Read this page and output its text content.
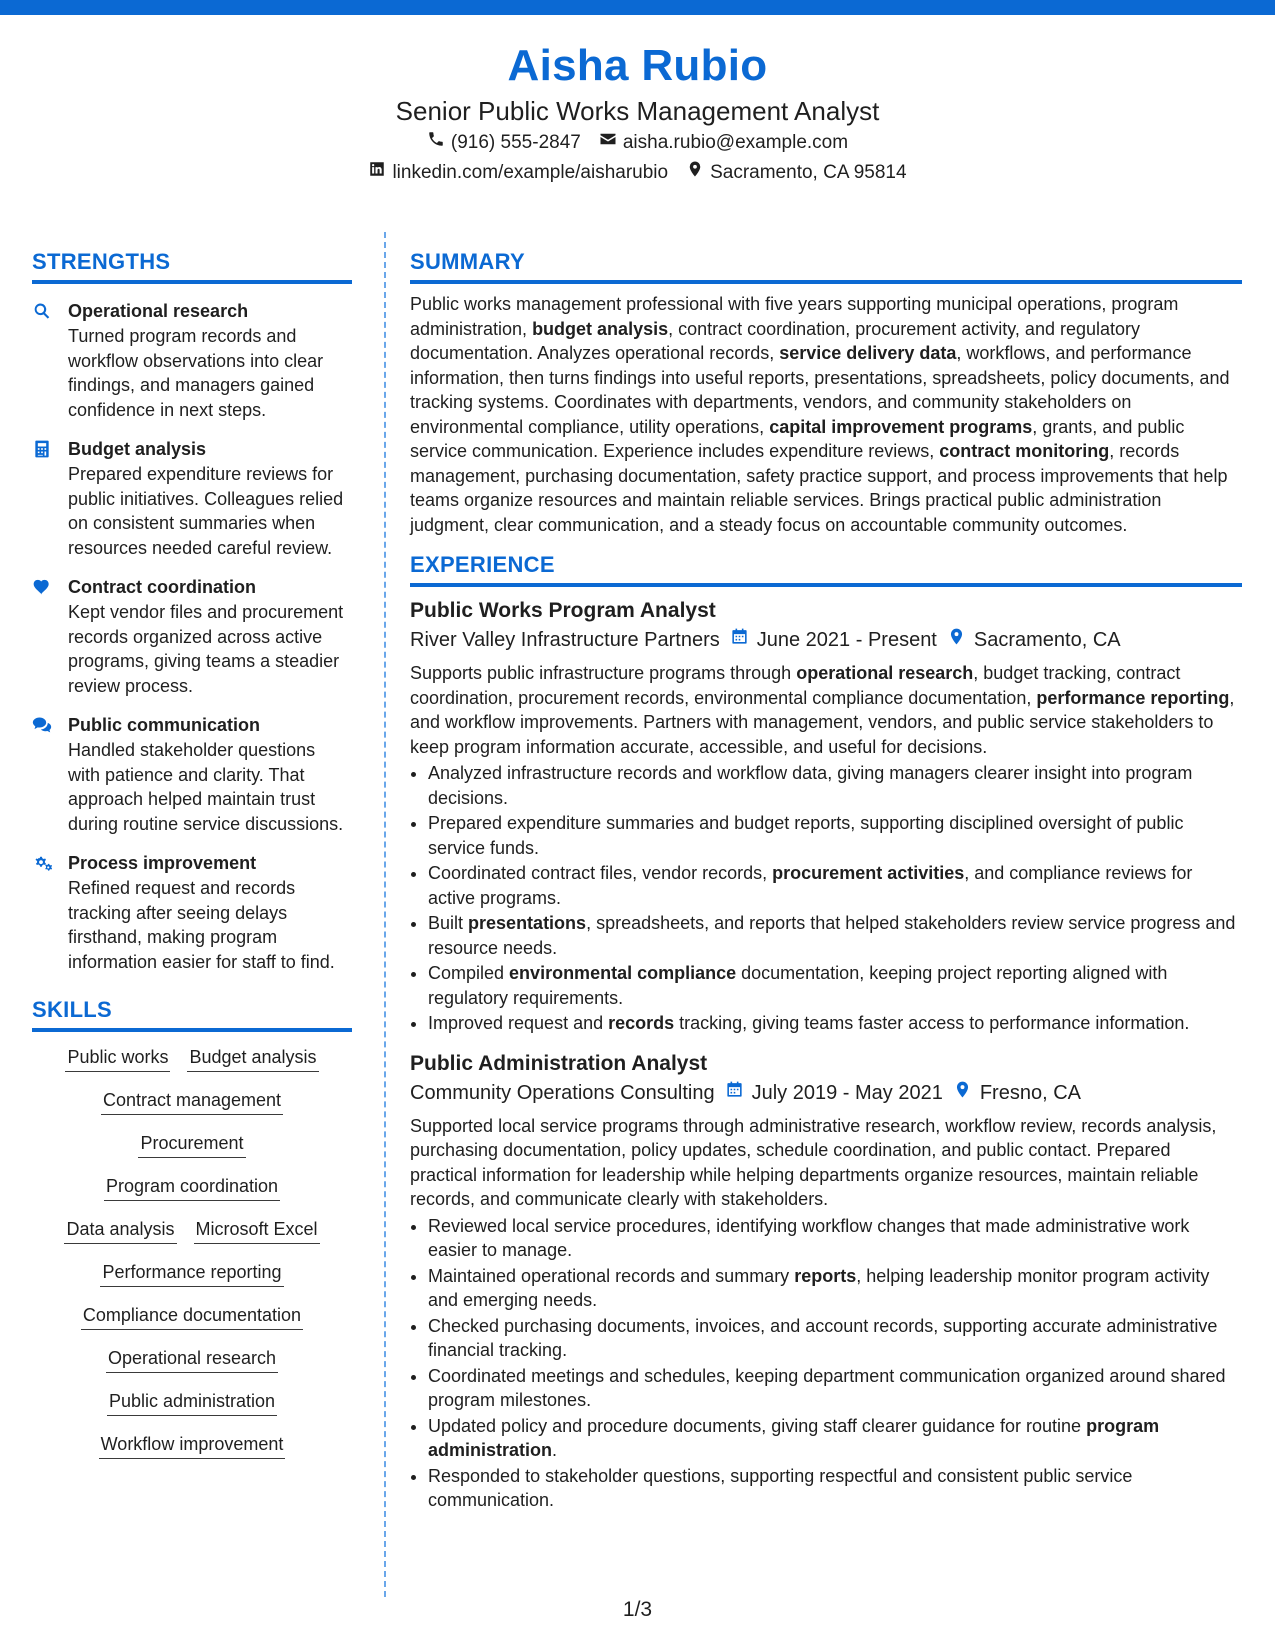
Aisha Rubio
Senior Public Works Management Analyst
(916) 555-2847 aisha.rubio@example.com
linkedin.com/example/aisharubio Sacramento, CA 95814
STRENGTHS
Operational research
Turned program records and workflow observations into clear findings, and managers gained confidence in next steps.
Budget analysis
Prepared expenditure reviews for public initiatives. Colleagues relied on consistent summaries when resources needed careful review.
Contract coordination
Kept vendor files and procurement records organized across active programs, giving teams a steadier review process.
Public communication
Handled stakeholder questions with patience and clarity. That approach helped maintain trust during routine service discussions.
Process improvement
Refined request and records tracking after seeing delays firsthand, making program information easier for staff to find.
SKILLS
Public works Budget analysis
Contract management
Procurement
Program coordination
Data analysis Microsoft Excel
Performance reporting
Compliance documentation
Operational research
Public administration
Workflow improvement
SUMMARY
Public works management professional with five years supporting municipal operations, program administration, budget analysis, contract coordination, procurement activity, and regulatory documentation. Analyzes operational records, service delivery data, workflows, and performance information, then turns findings into useful reports, presentations, spreadsheets, policy documents, and tracking systems. Coordinates with departments, vendors, and community stakeholders on environmental compliance, utility operations, capital improvement programs, grants, and public service communication. Experience includes expenditure reviews, contract monitoring, records management, purchasing documentation, safety practice support, and process improvements that help teams organize resources and maintain reliable services. Brings practical public administration judgment, clear communication, and a steady focus on accountable community outcomes.
EXPERIENCE
Public Works Program Analyst
River Valley Infrastructure Partners June 2021 - Present Sacramento, CA
Supports public infrastructure programs through operational research, budget tracking, contract coordination, procurement records, environmental compliance documentation, performance reporting, and workflow improvements. Partners with management, vendors, and public service stakeholders to keep program information accurate, accessible, and useful for decisions.
• Analyzed infrastructure records and workflow data, giving managers clearer insight into program decisions.
• Prepared expenditure summaries and budget reports, supporting disciplined oversight of public service funds.
• Coordinated contract files, vendor records, procurement activities, and compliance reviews for active programs.
• Built presentations, spreadsheets, and reports that helped stakeholders review service progress and resource needs.
• Compiled environmental compliance documentation, keeping project reporting aligned with regulatory requirements.
• Improved request and records tracking, giving teams faster access to performance information.
Public Administration Analyst
Community Operations Consulting July 2019 - May 2021 Fresno, CA
Supported local service programs through administrative research, workflow review, records analysis, purchasing documentation, policy updates, schedule coordination, and public contact. Prepared practical information for leadership while helping departments organize resources, maintain reliable records, and communicate clearly with stakeholders.
• Reviewed local service procedures, identifying workflow changes that made administrative work easier to manage.
• Maintained operational records and summary reports, helping leadership monitor program activity and emerging needs.
• Checked purchasing documents, invoices, and account records, supporting accurate administrative financial tracking.
• Coordinated meetings and schedules, keeping department communication organized around shared program milestones.
• Updated policy and procedure documents, giving staff clearer guidance for routine program administration.
• Responded to stakeholder questions, supporting respectful and consistent public service communication.
1/3
